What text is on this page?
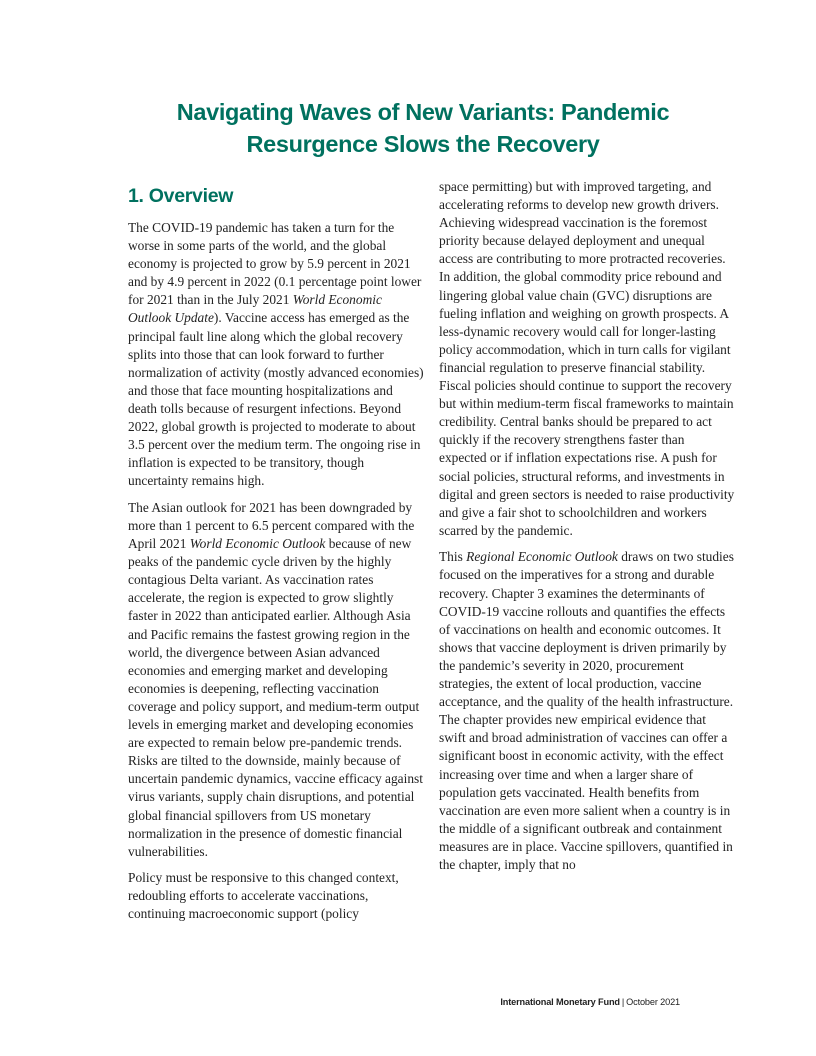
Navigating Waves of New Variants: Pandemic
Resurgence Slows the Recovery
1. Overview

The COVID-19 pandemic has taken a turn for the worse in some parts of the world, and the global economy is projected to grow by 5.9 percent in 2021 and by 4.9 percent in 2022 (0.1 percentage point lower for 2021 than in the July 2021 World Economic Outlook Update). Vaccine access has emerged as the principal fault line along which the global recovery splits into those that can look forward to further normalization of activity (mostly advanced economies) and those that face mounting hospitalizations and death tolls because of resurgent infections. Beyond 2022, global growth is projected to moderate to about 3.5 percent over the medium term. The ongoing rise in inflation is expected to be transitory, though uncertainty remains high.

The Asian outlook for 2021 has been downgraded by more than 1 percent to 6.5 percent compared with the April 2021 World Economic Outlook because of new peaks of the pandemic cycle driven by the highly contagious Delta variant. As vaccination rates accelerate, the region is expected to grow slightly faster in 2022 than anticipated earlier. Although Asia and Pacific remains the fastest growing region in the world, the divergence between Asian advanced economies and emerging market and developing economies is deepening, reflecting vaccination coverage and policy support, and medium-term output levels in emerging market and developing economies are expected to remain below pre-pandemic trends. Risks are tilted to the downside, mainly because of uncertain pandemic dynamics, vaccine efficacy against virus variants, supply chain disruptions, and potential global financial spillovers from US monetary normalization in the presence of domestic financial vulnerabilities.

Policy must be responsive to this changed context, redoubling efforts to accelerate vaccinations, continuing macroeconomic support (policy

space permitting) but with improved targeting, and accelerating reforms to develop new growth drivers. Achieving widespread vaccination is the foremost priority because delayed deployment and unequal access are contributing to more protracted recoveries. In addition, the global commodity price rebound and lingering global value chain (GVC) disruptions are fueling inflation and weighing on growth prospects. A less-dynamic recovery would call for longer-lasting policy accommodation, which in turn calls for vigilant financial regulation to preserve financial stability. Fiscal policies should continue to support the recovery but within medium-term fiscal frameworks to maintain credibility. Central banks should be prepared to act quickly if the recovery strengthens faster than expected or if inflation expectations rise. A push for social policies, structural reforms, and investments in digital and green sectors is needed to raise productivity and give a fair shot to schoolchildren and workers scarred by the pandemic.

This Regional Economic Outlook draws on two studies focused on the imperatives for a strong and durable recovery. Chapter 3 examines the determinants of COVID-19 vaccine rollouts and quantifies the effects of vaccinations on health and economic outcomes. It shows that vaccine deployment is driven primarily by the pandemic’s severity in 2020, procurement strategies, the extent of local production, vaccine acceptance, and the quality of the health infrastructure. The chapter provides new empirical evidence that swift and broad administration of vaccines can offer a significant boost in economic activity, with the effect increasing over time and when a larger share of population gets vaccinated. Health benefits from vaccination are even more salient when a country is in the middle of a significant outbreak and containment measures are in place. Vaccine spillovers, quantified in the chapter, imply that no

International Monetary Fund | October 2021
